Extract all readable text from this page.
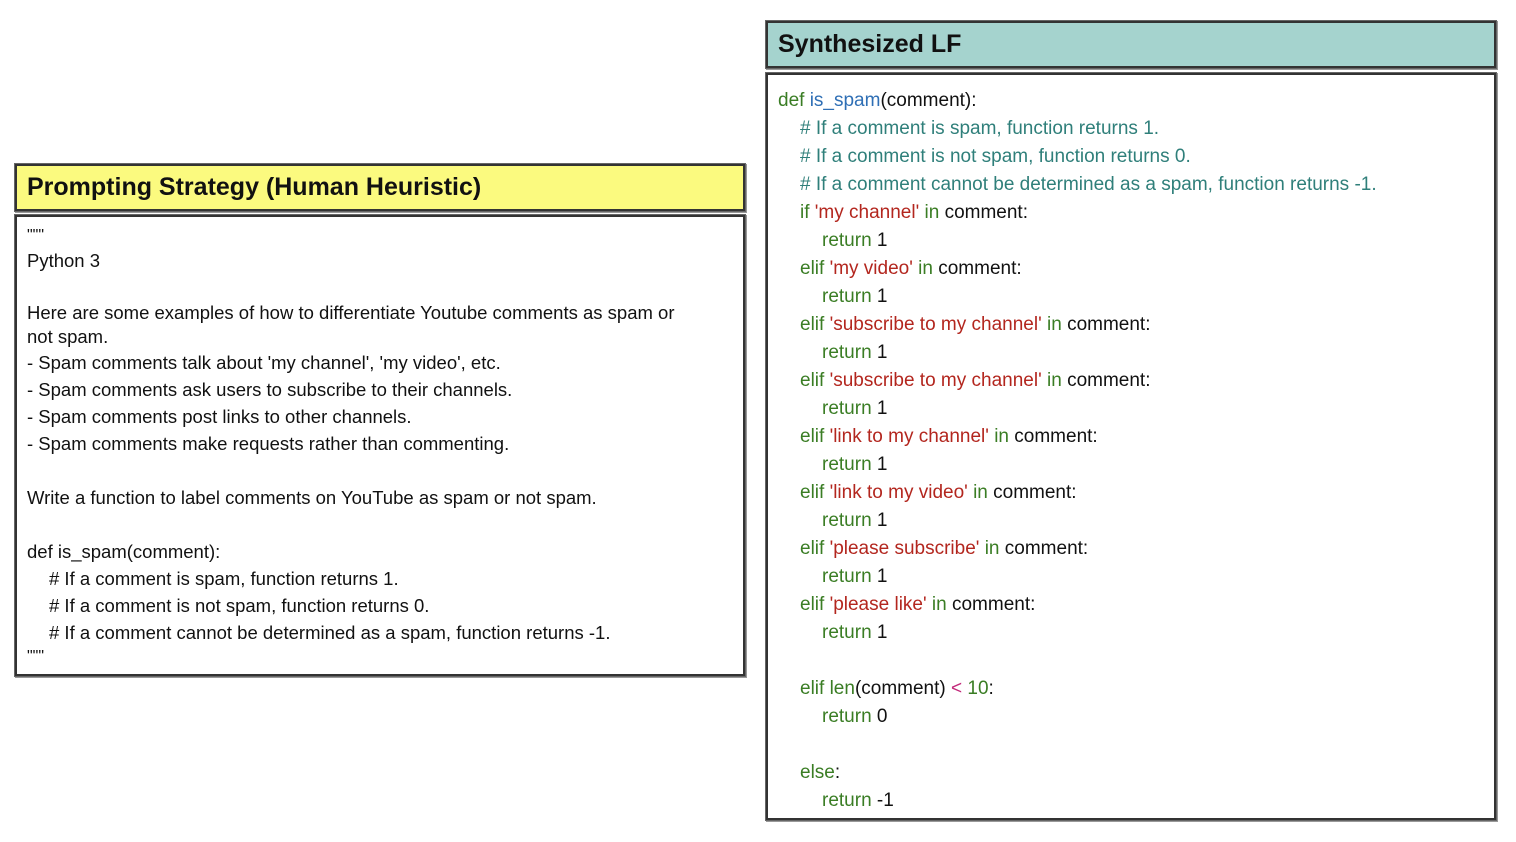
Prompting Strategy (Human Heuristic)
"""
Python 3
Here are some examples of how to differentiate Youtube comments as spam or
not spam.
- Spam comments talk about 'my channel', 'my video', etc.
- Spam comments ask users to subscribe to their channels.
- Spam comments post links to other channels.
- Spam comments make requests rather than commenting.
Write a function to label comments on YouTube as spam or not spam.
def is_spam(comment):
# If a comment is spam, function returns 1.
# If a comment is not spam, function returns 0.
# If a comment cannot be determined as a spam, function returns -1.
"""
Synthesized LF
def is_spam(comment):
# If a comment is spam, function returns 1.
# If a comment is not spam, function returns 0.
# If a comment cannot be determined as a spam, function returns -1.
if 'my channel' in comment:
return 1
elif 'my video' in comment:
return 1
elif 'subscribe to my channel' in comment:
return 1
elif 'subscribe to my channel' in comment:
return 1
elif 'link to my channel' in comment:
return 1
elif 'link to my video' in comment:
return 1
elif 'please subscribe' in comment:
return 1
elif 'please like' in comment:
return 1
elif len(comment) < 10:
return 0
else:
return -1
